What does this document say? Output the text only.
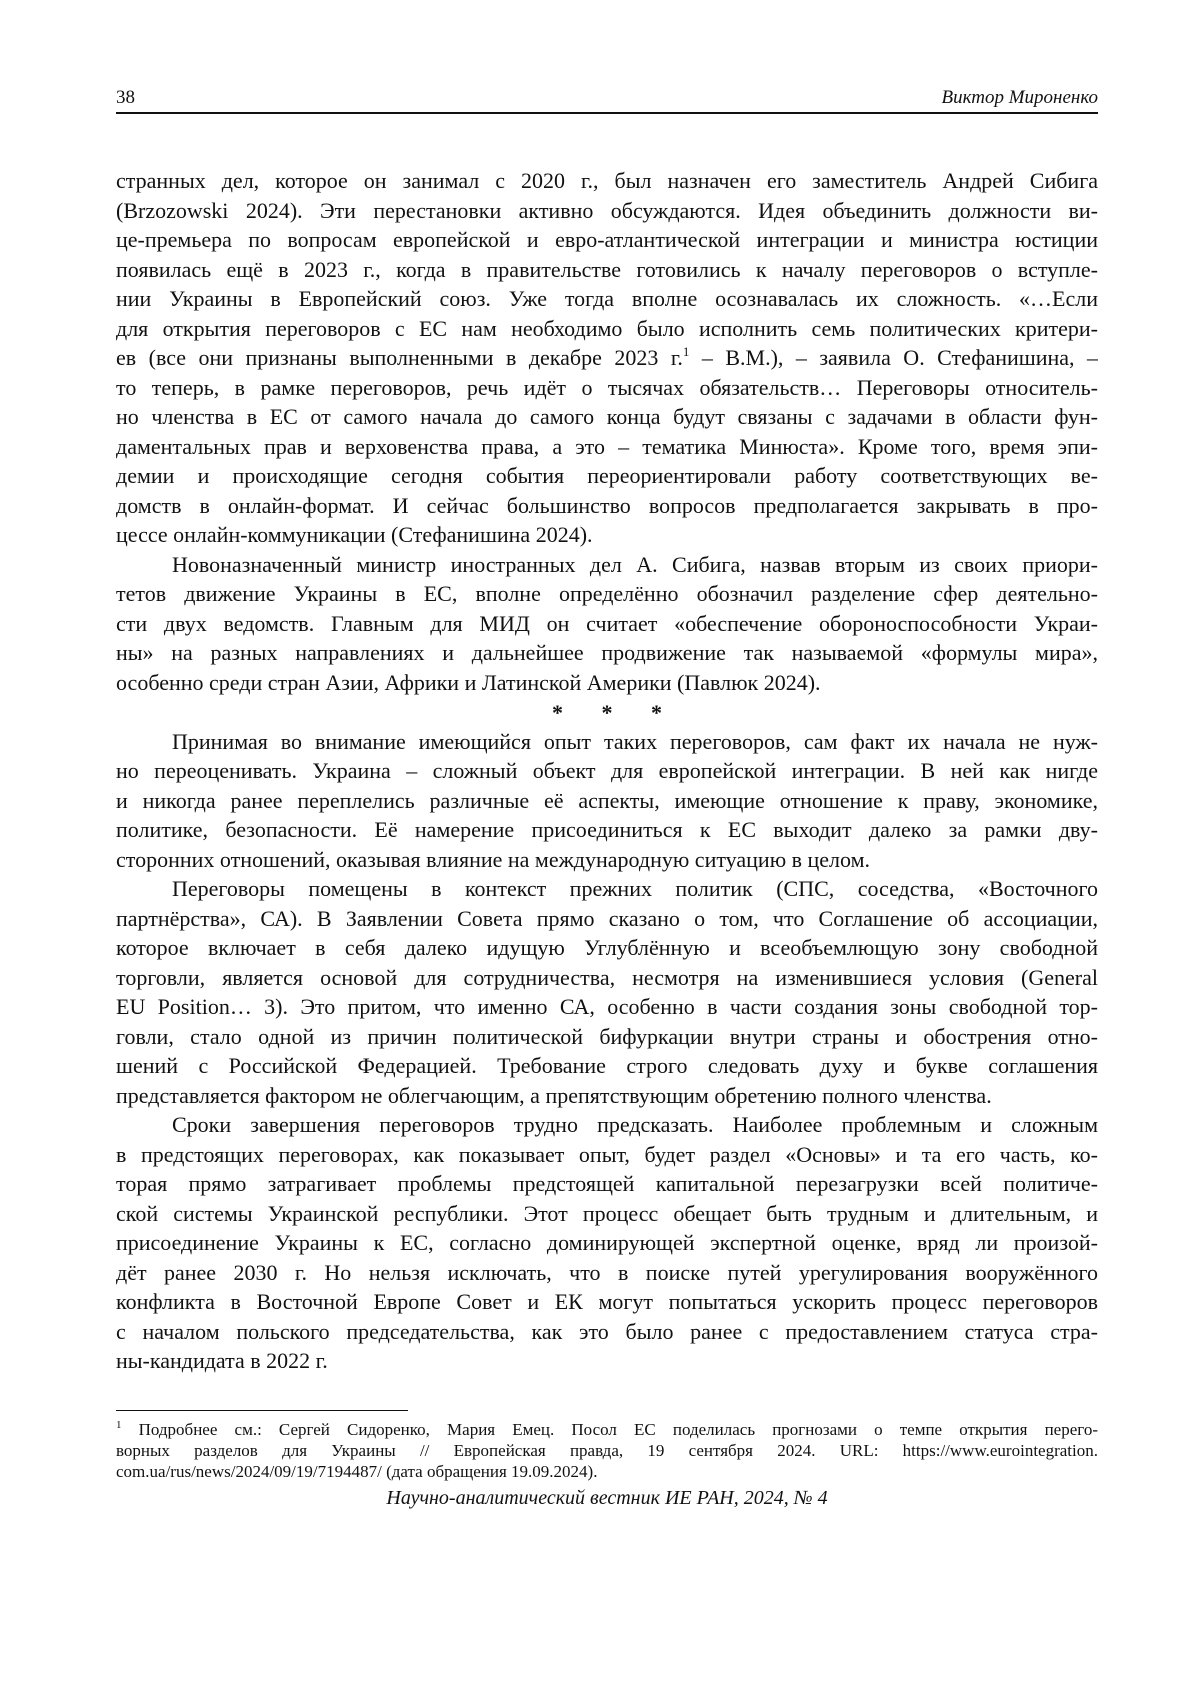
38	Виктор Мироненко
странных дел, которое он занимал с 2020 г., был назначен его заместитель Андрей Сибига
(Brzozowski 2024). Эти перестановки активно обсуждаются. Идея объединить должности ви-
це-премьера по вопросам европейской и евро-атлантической интеграции и министра юстиции
появилась ещё в 2023 г., когда в правительстве готовились к началу переговоров о вступле-
нии Украины в Европейский союз. Уже тогда вполне осознавалась их сложность. «…Если
для открытия переговоров с ЕС нам необходимо было исполнить семь политических критери-
ев (все они признаны выполненными в декабре 2023 г.$^1$ – В.М.), – заявила О. Стефанишина, –
то теперь, в рамке переговоров, речь идёт о тысячах обязательств… Переговоры относитель-
но членства в ЕС от самого начала до самого конца будут связаны с задачами в области фун-
даментальных прав и верховенства права, а это – тематика Минюста». Кроме того, время эпи-
демии и происходящие сегодня события переориентировали работу соответствующих ве-
домств в онлайн-формат. И сейчас большинство вопросов предполагается закрывать в про-
цессе онлайн-коммуникации (Стефанишина 2024).
Новоназначенный министр иностранных дел А. Сибига, назвав вторым из своих приори-
тетов движение Украины в ЕС, вполне определённо обозначил разделение сфер деятельно-
сти двух ведомств. Главным для МИД он считает «обеспечение обороноспособности Украи-
ны» на разных направлениях и дальнейшее продвижение так называемой «формулы мира»,
особенно среди стран Азии, Африки и Латинской Америки (Павлюк 2024).
*       *       *
Принимая во внимание имеющийся опыт таких переговоров, сам факт их начала не нуж-
но переоценивать. Украина – сложный объект для европейской интеграции. В ней как нигде
и никогда ранее переплелись различные её аспекты, имеющие отношение к праву, экономике,
политике, безопасности. Её намерение присоединиться к ЕС выходит далеко за рамки дву-
сторонних отношений, оказывая влияние на международную ситуацию в целом.
Переговоры помещены в контекст прежних политик (СПС, соседства, «Восточного
партнёрства», СА). В Заявлении Совета прямо сказано о том, что Соглашение об ассоциации,
которое включает в себя далеко идущую Углублённую и всеобъемлющую зону свободной
торговли, является основой для сотрудничества, несмотря на изменившиеся условия (General
EU Position… 3). Это притом, что именно СА, особенно в части создания зоны свободной тор-
говли, стало одной из причин политической бифуркации внутри страны и обострения отно-
шений с Российской Федерацией. Требование строго следовать духу и букве соглашения
представляется фактором не облегчающим, а препятствующим обретению полного членства.
Сроки завершения переговоров трудно предсказать. Наиболее проблемным и сложным
в предстоящих переговорах, как показывает опыт, будет раздел «Основы» и та его часть, ко-
торая прямо затрагивает проблемы предстоящей капитальной перезагрузки всей политиче-
ской системы Украинской республики. Этот процесс обещает быть трудным и длительным, и
присоединение Украины к ЕС, согласно доминирующей экспертной оценке, вряд ли произой-
дёт ранее 2030 г. Но нельзя исключать, что в поиске путей урегулирования вооружённого
конфликта в Восточной Европе Совет и ЕК могут попытаться ускорить процесс переговоров
с началом польского председательства, как это было ранее с предоставлением статуса стра-
ны-кандидата в 2022 г.
$^1$ Подробнее см.: Сергей Сидоренко, Мария Емец. Посол ЕС поделилась прогнозами о темпе открытия перего-
ворных разделов для Украины // Европейская правда, 19 сентября 2024. URL: https://www.eurointegration.
com.ua/rus/news/2024/09/19/7194487/ (дата обращения 19.09.2024).
Научно-аналитический вестник ИЕ РАН, 2024, № 4
